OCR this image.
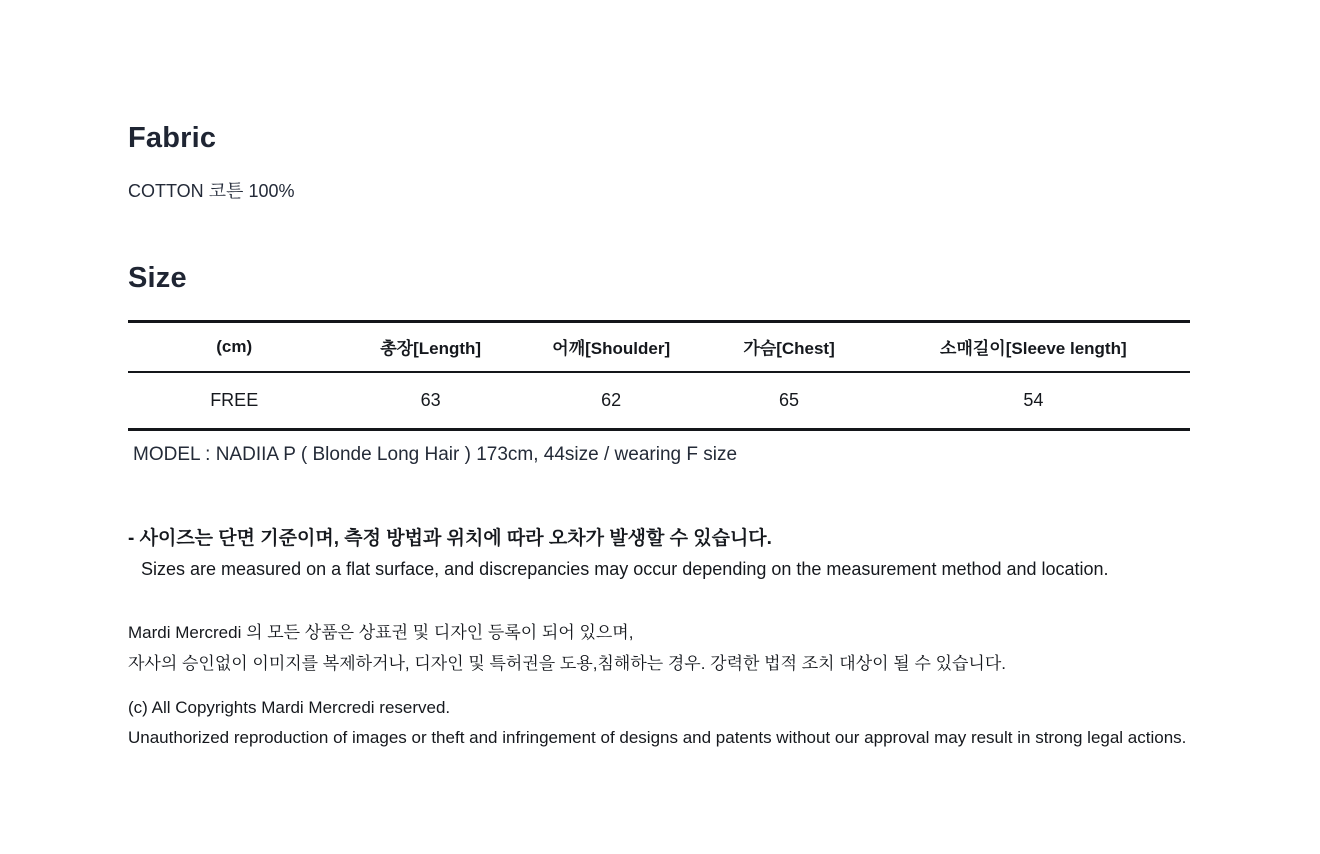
Fabric

COTTON 코튼 100%

Size
(cm)	총장[Length]	어깨[Shoulder]	가슴[Chest]	소매길이[Sleeve length]
FREE	63	62	65	54

MODEL : NADIIA P ( Blonde Long Hair ) 173cm, 44size / wearing F size

- 사이즈는 단면 기준이며, 측정 방법과 위치에 따라 오차가 발생할 수 있습니다.

Sizes are measured on a flat surface, and discrepancies may occur depending on the measurement method and location.

Mardi Mercredi 의 모든 상품은 상표권 및 디자인 등록이 되어 있으며,

자사의 승인없이 이미지를 복제하거나, 디자인 및 특허권을 도용,침해하는 경우. 강력한 법적 조치 대상이 될 수 있습니다.

(c) All Copyrights Mardi Mercredi reserved.

Unauthorized reproduction of images or theft and infringement of designs and patents without our approval may result in strong legal actions.
